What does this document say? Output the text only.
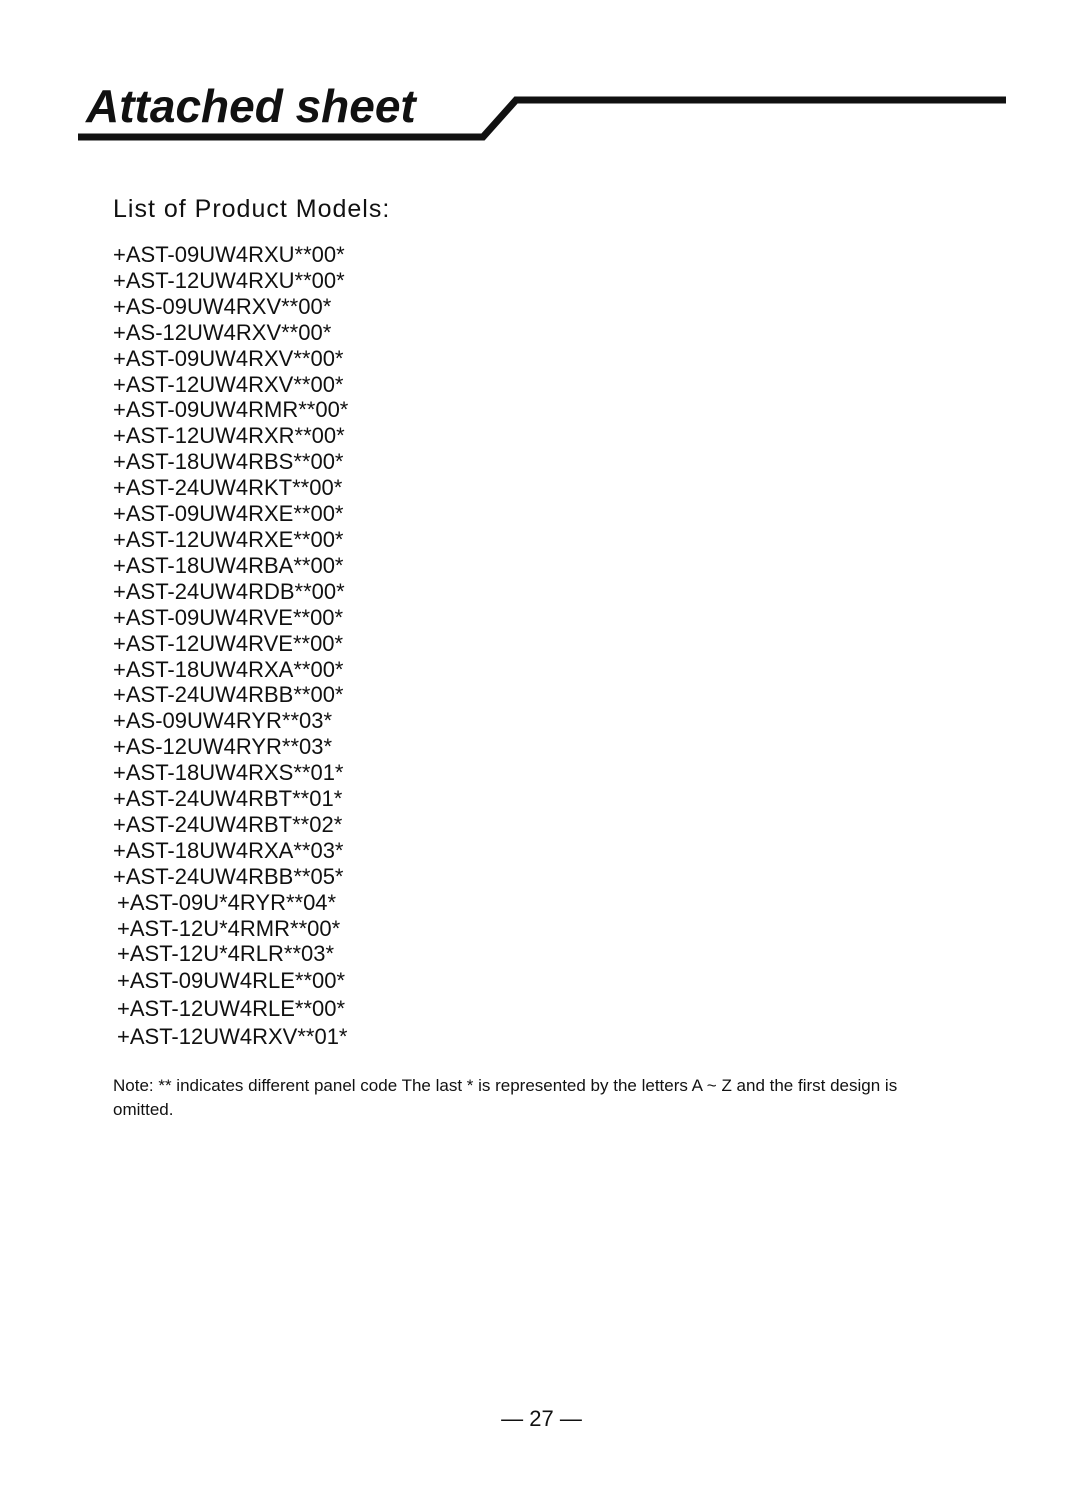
Attached sheet
List of Product Models:
+AST-09UW4RXU**00*
+AST-12UW4RXU**00*
+AS-09UW4RXV**00*
+AS-12UW4RXV**00*
+AST-09UW4RXV**00*
+AST-12UW4RXV**00*
+AST-09UW4RMR**00*
+AST-12UW4RXR**00*
+AST-18UW4RBS**00*
+AST-24UW4RKT**00*
+AST-09UW4RXE**00*
+AST-12UW4RXE**00*
+AST-18UW4RBA**00*
+AST-24UW4RDB**00*
+AST-09UW4RVE**00*
+AST-12UW4RVE**00*
+AST-18UW4RXA**00*
+AST-24UW4RBB**00*
+AS-09UW4RYR**03*
+AS-12UW4RYR**03*
+AST-18UW4RXS**01*
+AST-24UW4RBT**01*
+AST-24UW4RBT**02*
+AST-18UW4RXA**03*
+AST-24UW4RBB**05*
+AST-09U*4RYR**04*
+AST-12U*4RMR**00*
+AST-12U*4RLR**03*
+AST-09UW4RLE**00*
+AST-12UW4RLE**00*
+AST-12UW4RXV**01*
Note: ** indicates different panel code The last * is represented by the letters A ~ Z and the first design is omitted.
— 27 —
